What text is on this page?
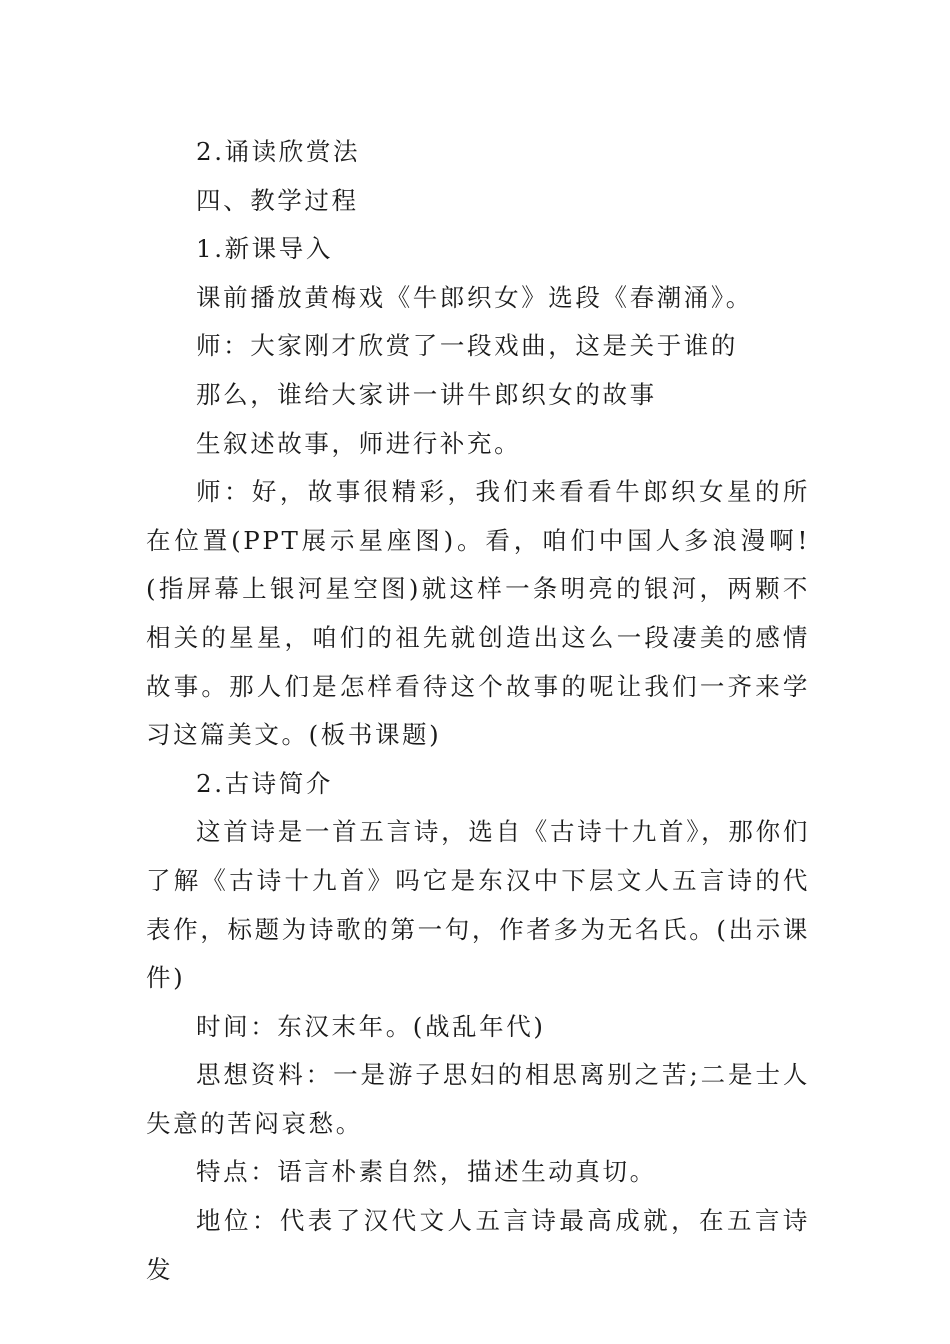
2.诵读欣赏法

四、教学过程

1.新课导入

课前播放黄梅戏《牛郎织女》选段《春潮涌》。

师：大家刚才欣赏了一段戏曲，这是关于谁的

那么，谁给大家讲一讲牛郎织女的故事

生叙述故事，师进行补充。

师：好，故事很精彩，我们来看看牛郎织女星的所在位置(PPT展示星座图)。看，咱们中国人多浪漫啊!(指屏幕上银河星空图)就这样一条明亮的银河，两颗不相关的星星，咱们的祖先就创造出这么一段凄美的感情故事。那人们是怎样看待这个故事的呢让我们一齐来学习这篇美文。(板书课题)

2.古诗简介

这首诗是一首五言诗，选自《古诗十九首》，那你们了解《古诗十九首》吗它是东汉中下层文人五言诗的代表作，标题为诗歌的第一句，作者多为无名氏。(出示课件)

时间：东汉末年。(战乱年代)

思想资料：一是游子思妇的相思离别之苦;二是士人失意的苦闷哀愁。

特点：语言朴素自然，描述生动真切。

地位：代表了汉代文人五言诗最高成就，在五言诗发
